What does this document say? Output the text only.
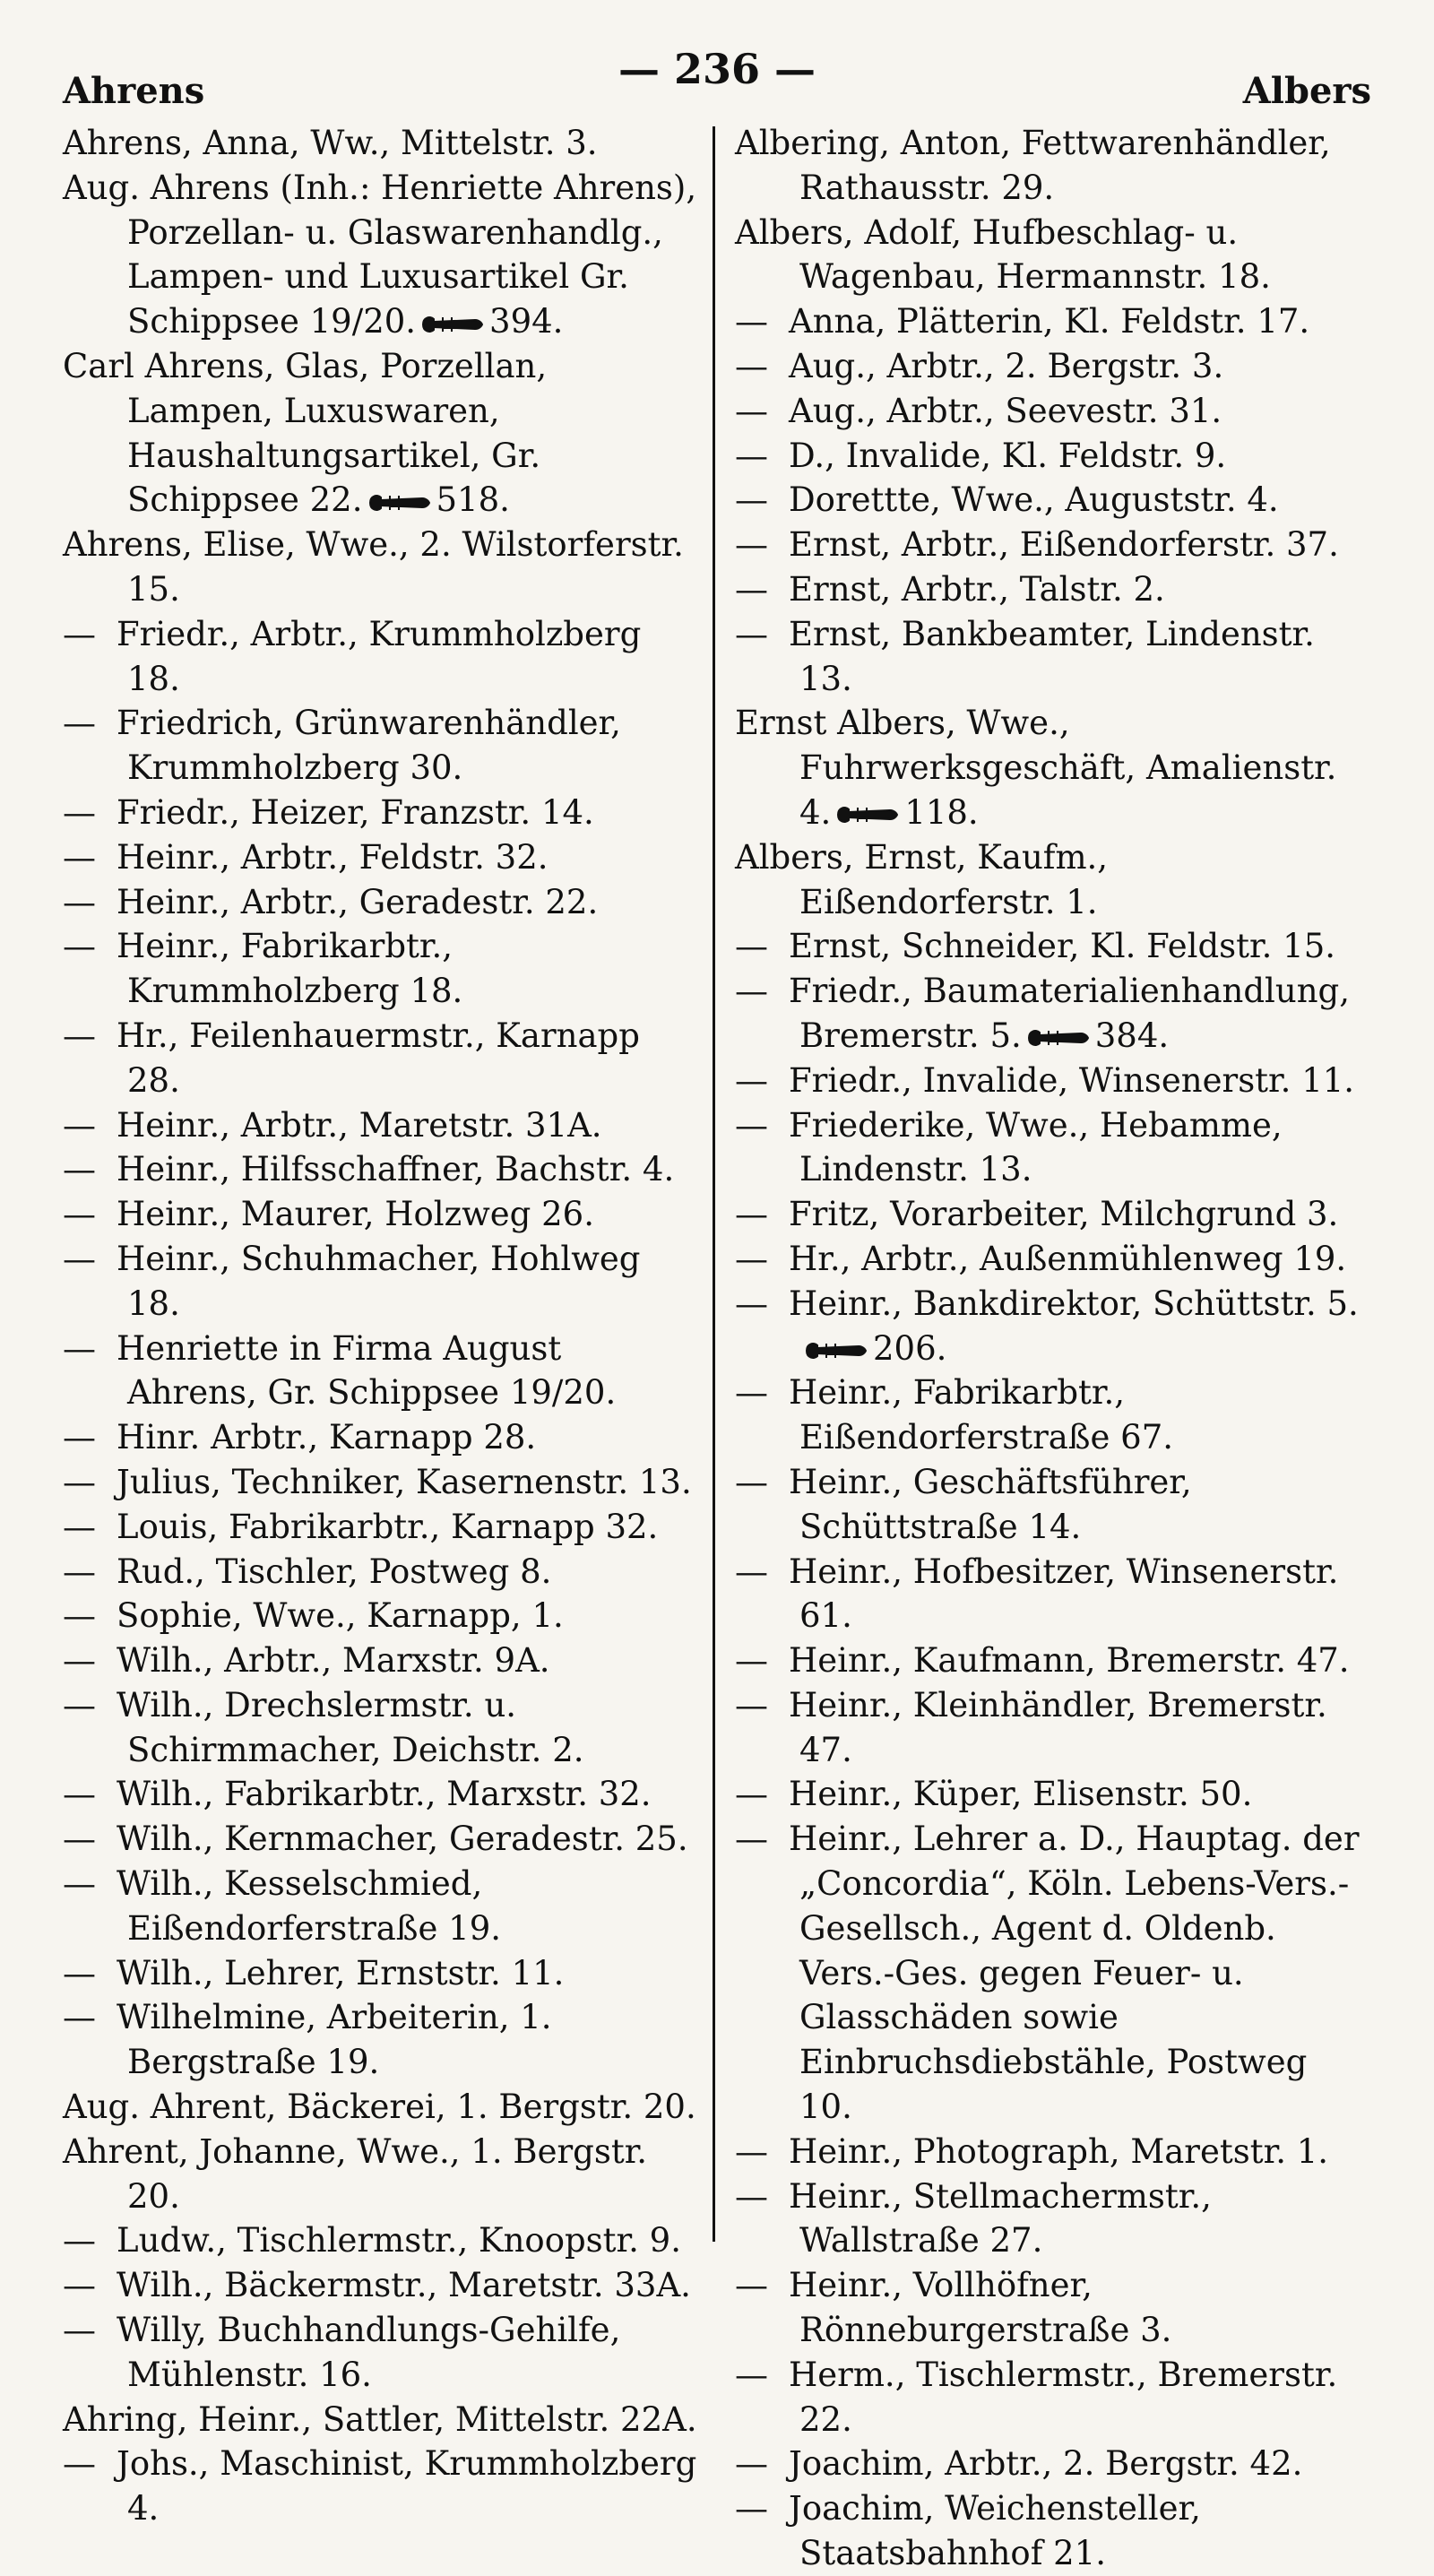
Ahrens	— 236 —	Albers
Ahrens, Anna, Ww., Mittelstr. 3.
Aug. Ahrens (Inh.: Henriette Ahrens), Porzellan- u. Glaswarenhandlg., Lampen- und Luxusartikel Gr. Schippsee 19/20. 394.
Carl Ahrens, Glas, Porzellan, Lampen, Luxuswaren, Haushaltungsartikel, Gr. Schippsee 22. 518.
Ahrens, Elise, Wwe., 2. Wilstorferstr. 15.
— Friedr., Arbtr., Krummholzberg 18.
— Friedrich, Grünwarenhändler, Krummholzberg 30.
— Friedr., Heizer, Franzstr. 14.
— Heinr., Arbtr., Feldstr. 32.
— Heinr., Arbtr., Geradestr. 22.
— Heinr., Fabrikarbtr., Krummholzberg 18.
— Hr., Feilenhauermstr., Karnapp 28.
— Heinr., Arbtr., Maretstr. 31A.
— Heinr., Hilfsschaffner, Bachstr. 4.
— Heinr., Maurer, Holzweg 26.
— Heinr., Schuhmacher, Hohlweg 18.
— Henriette in Firma August Ahrens, Gr. Schippsee 19/20.
— Hinr. Arbtr., Karnapp 28.
— Julius, Techniker, Kasernenstr. 13.
— Louis, Fabrikarbtr., Karnapp 32.
— Rud., Tischler, Postweg 8.
— Sophie, Wwe., Karnapp, 1.
— Wilh., Arbtr., Marxstr. 9A.
— Wilh., Drechslermstr. u. Schirmmacher, Deichstr. 2.
— Wilh., Fabrikarbtr., Marxstr. 32.
— Wilh., Kernmacher, Geradestr. 25.
— Wilh., Kesselschmied, Eißendorferstraße 19.
— Wilh., Lehrer, Ernststr. 11.
— Wilhelmine, Arbeiterin, 1. Bergstraße 19.
Aug. Ahrent, Bäckerei, 1. Bergstr. 20.
Ahrent, Johanne, Wwe., 1. Bergstr. 20.
— Ludw., Tischlermstr., Knoopstr. 9.
— Wilh., Bäckermstr., Maretstr. 33A.
— Willy, Buchhandlungs-Gehilfe, Mühlenstr. 16.
Ahring, Heinr., Sattler, Mittelstr. 22A.
— Johs., Maschinist, Krummholzberg 4.
Albering, Anton, Fettwarenhändler, Rathausstr. 29.
Albers, Adolf, Hufbeschlag- u. Wagenbau, Hermannstr. 18.
— Anna, Plätterin, Kl. Feldstr. 17.
— Aug., Arbtr., 2. Bergstr. 3.
— Aug., Arbtr., Seevestr. 31.
— D., Invalide, Kl. Feldstr. 9.
— Dorettte, Wwe., Auguststr. 4.
— Ernst, Arbtr., Eißendorferstr. 37.
— Ernst, Arbtr., Talstr. 2.
— Ernst, Bankbeamter, Lindenstr. 13.
Ernst Albers, Wwe., Fuhrwerksgeschäft, Amalienstr. 4. 118.
Albers, Ernst, Kaufm., Eißendorferstr. 1.
— Ernst, Schneider, Kl. Feldstr. 15.
— Friedr., Baumaterialienhandlung, Bremerstr. 5. 384.
— Friedr., Invalide, Winsenerstr. 11.
— Friederike, Wwe., Hebamme, Lindenstr. 13.
— Fritz, Vorarbeiter, Milchgrund 3.
— Hr., Arbtr., Außenmühlenweg 19.
— Heinr., Bankdirektor, Schüttstr. 5.206.
— Heinr., Fabrikarbtr., Eißendorferstraße 67.
— Heinr., Geschäftsführer, Schüttstraße 14.
— Heinr., Hofbesitzer, Winsenerstr. 61.
— Heinr., Kaufmann, Bremerstr. 47.
— Heinr., Kleinhändler, Bremerstr. 47.
— Heinr., Küper, Elisenstr. 50.
— Heinr., Lehrer a. D., Hauptag. der „Concordia“, Köln. Lebens-Vers.-Gesellsch., Agent d. Oldenb. Vers.-Ges. gegen Feuer- u. Glasschäden sowie Einbruchsdiebstähle, Postweg 10.
— Heinr., Photograph, Maretstr. 1.
— Heinr., Stellmachermstr., Wallstraße 27.
— Heinr., Vollhöfner, Rönneburgerstraße 3.
— Herm., Tischlermstr., Bremerstr. 22.
— Joachim, Arbtr., 2. Bergstr. 42.
— Joachim, Weichensteller, Staatsbahnhof 21.
